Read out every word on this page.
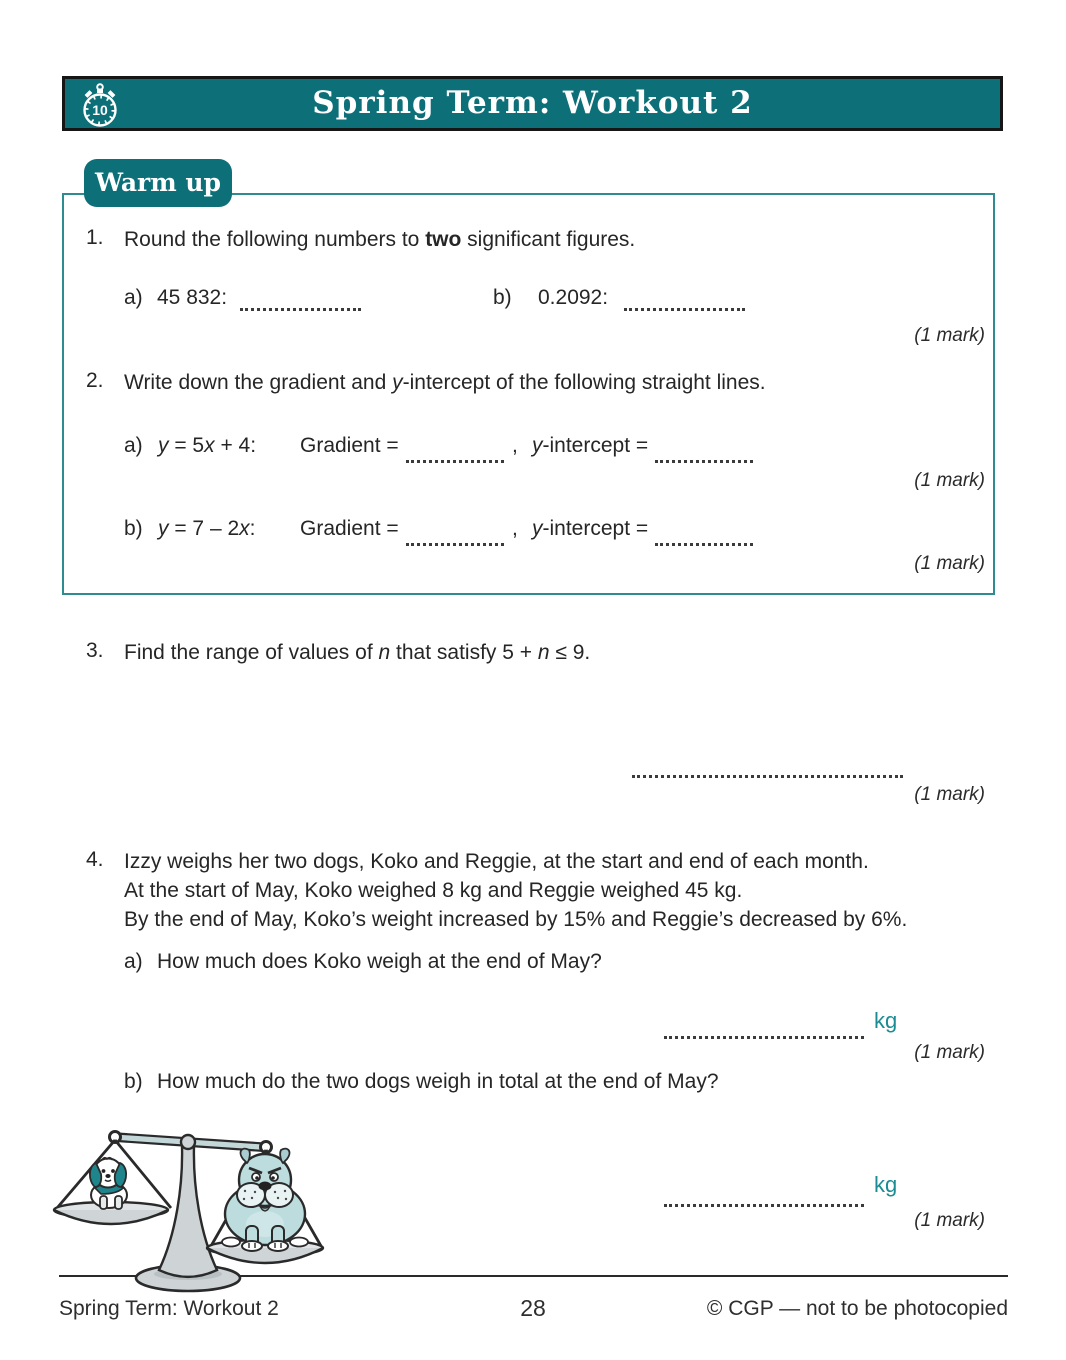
10	Spring Term: Workout 2
Warm up
1. Round the following numbers to two significant figures.
a) 45 832:	b) 0.2092:
(1 mark)
2. Write down the gradient and y-intercept of the following straight lines.
a) y = 5x + 4: Gradient =	, y-intercept =
(1 mark)
b) y = 7 – 2x: Gradient =	, y-intercept =
(1 mark)
3. Find the range of values of n that satisfy 5 + n ≤ 9.
(1 mark)
4. Izzy weighs her two dogs, Koko and Reggie, at the start and end of each month.
At the start of May, Koko weighed 8 kg and Reggie weighed 45 kg.
By the end of May, Koko’s weight increased by 15% and Reggie’s decreased by 6%.
a) How much does Koko weigh at the end of May?
kg
(1 mark)
b) How much do the two dogs weigh in total at the end of May?
kg
(1 mark)
Spring Term: Workout 2	28	© CGP — not to be photocopied
